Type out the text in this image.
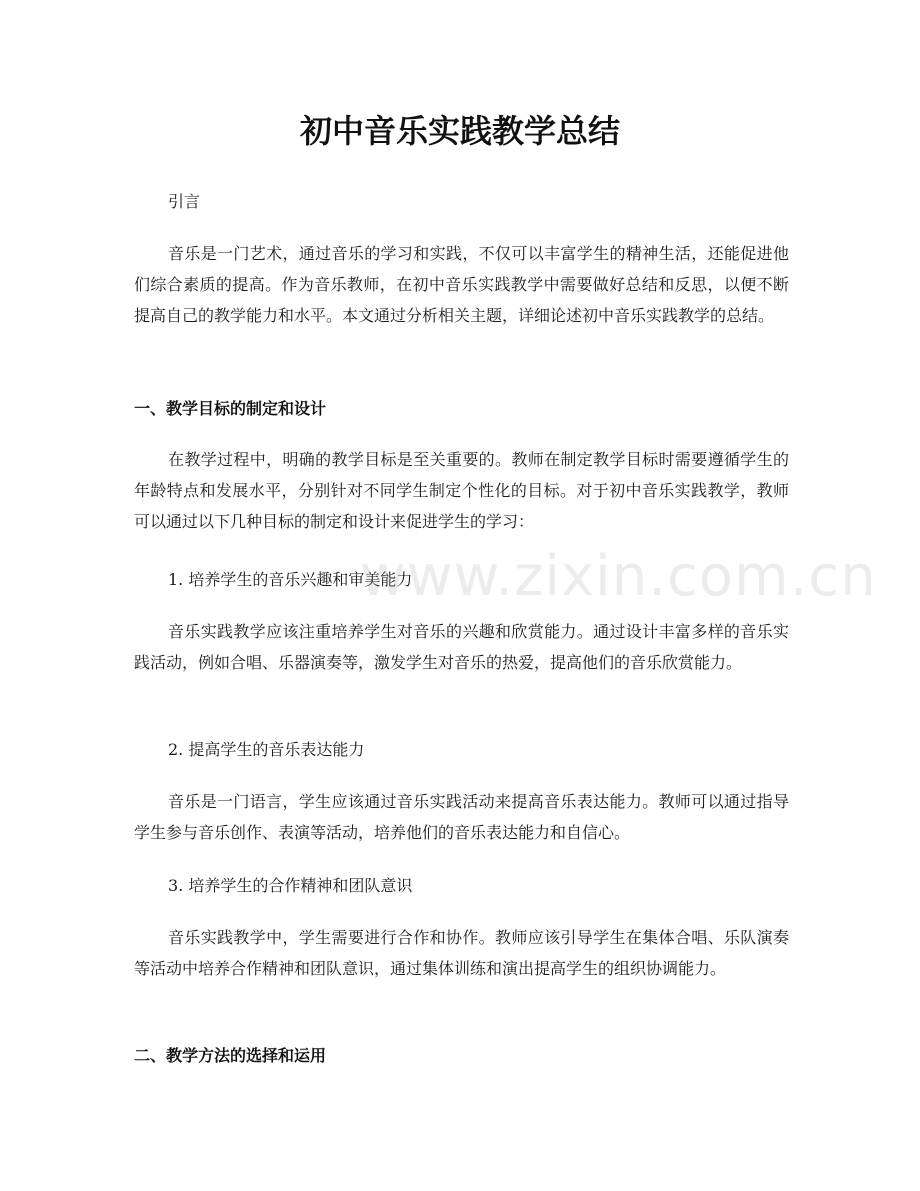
初中音乐实践教学总结

引言

音乐是一门艺术，通过音乐的学习和实践，不仅可以丰富学生的精神生活，还能促进他们综合素质的提高。作为音乐教师，在初中音乐实践教学中需要做好总结和反思，以便不断提高自己的教学能力和水平。本文通过分析相关主题，详细论述初中音乐实践教学的总结。

一、教学目标的制定和设计

在教学过程中，明确的教学目标是至关重要的。教师在制定教学目标时需要遵循学生的年龄特点和发展水平，分别针对不同学生制定个性化的目标。对于初中音乐实践教学，教师可以通过以下几种目标的制定和设计来促进学生的学习：

1. 培养学生的音乐兴趣和审美能力

音乐实践教学应该注重培养学生对音乐的兴趣和欣赏能力。通过设计丰富多样的音乐实践活动，例如合唱、乐器演奏等，激发学生对音乐的热爱，提高他们的音乐欣赏能力。

2. 提高学生的音乐表达能力

音乐是一门语言，学生应该通过音乐实践活动来提高音乐表达能力。教师可以通过指导学生参与音乐创作、表演等活动，培养他们的音乐表达能力和自信心。

3. 培养学生的合作精神和团队意识

音乐实践教学中，学生需要进行合作和协作。教师应该引导学生在集体合唱、乐队演奏等活动中培养合作精神和团队意识，通过集体训练和演出提高学生的组织协调能力。

二、教学方法的选择和运用
www.zixin.com.cn
